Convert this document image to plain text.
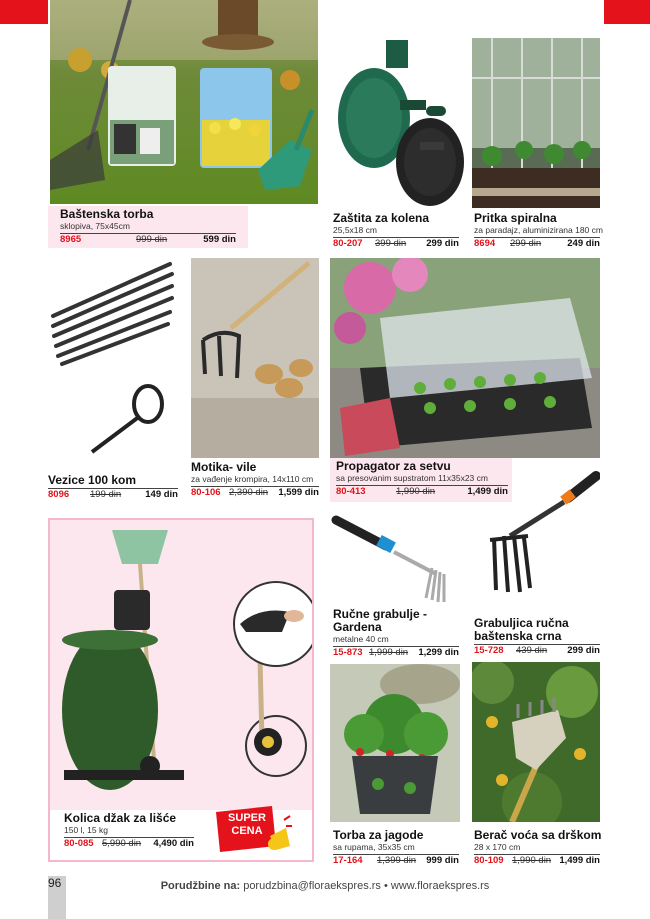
Baštenska torba
sklopiva, 75x45cm
8965	999 din	599 din
Zaštita za kolena
25,5x18 cm
80-207 399 din 299 din
Pritka spiralna
za paradajz, aluminizirana 180 cm
8694 299 din	249 din
Vezice 100 kom
8096 199 din	149 din
Motika- vile
za vađenje krompira, 14x110 cm
80-106 2,390 din 1,599 din
Propagator za setvu
sa presovanim supstratom 11x35x23 cm
80-413	1,990 din	1,499 din
Ručne grabulje -
Gardena
metalne 40 cm
15-873 1,999 din 1,299 din
Grabuljica ručna
baštenska crna
15-728 439 din 299 din
Kolica džak za lišće
150 l, 15 kg
80-085 5,990 din 4,490 din
Torba za jagode
sa rupama, 35x35 cm
17-164 1,399 din 999 din
Berač voća sa drškom
28 x 170 cm
80-109 1,990 din 1,499 din
SUPER
CENA
96	Porudžbine na: porudzbina@floraekspres.rs • www.floraekspres.rs
